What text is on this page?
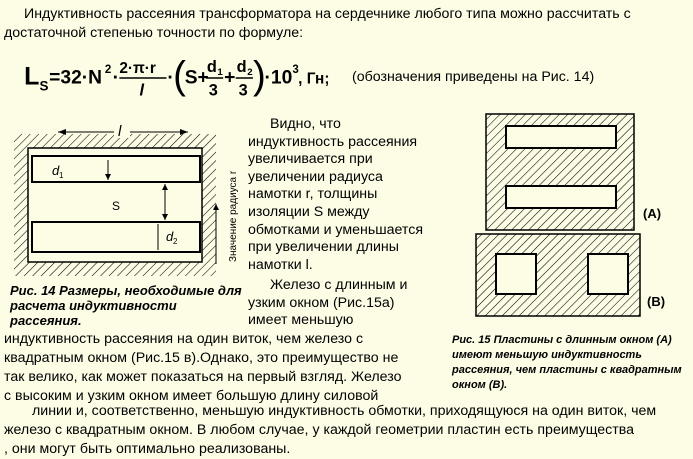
Индуктивность рассеяния трансформатора на сердечнике любого типа можно рассчитать с
достаточной степенью точности по формуле:
L S =32·N 2 · 2·π·r
l
· (
S+
d 1
3
+
d 2
3 )
·10 3
, Гн; (обозначения приведены на Рис. 14)
l
d 1
S
d 2	Значение радиуса r
Рис. 14 Размеры, необходимые для
расчета индуктивности рассеяния.
(А)
(В)
Рис. 15 Пластины с длинным окном (А)
имеют меньшую индуктивность
рассеяния, чем пластины с квадратным
окном (В).
Видно, что
индуктивность рассеяния
увеличивается при
увеличении радиуса
намотки r, толщины
изоляции S между
обмотками и уменьшается
при увеличении длины
намотки l.
Железо с длинным и
узким окном (Рис.15а)
имеет меньшую
индуктивность рассеяния на один виток, чем железо с
квадратным окном (Рис.15 в).Однако, это преимущество не
так велико, как может показаться на первый взгляд. Железо
с высоким и узким окном имеет большую длину силовой
линии и, соответственно, меньшую индуктивность обмотки, приходящуюся на один виток, чем
железо с квадратным окном. В любом случае, у каждой геометрии пластин есть преимущества
, они могут быть оптимально реализованы.
